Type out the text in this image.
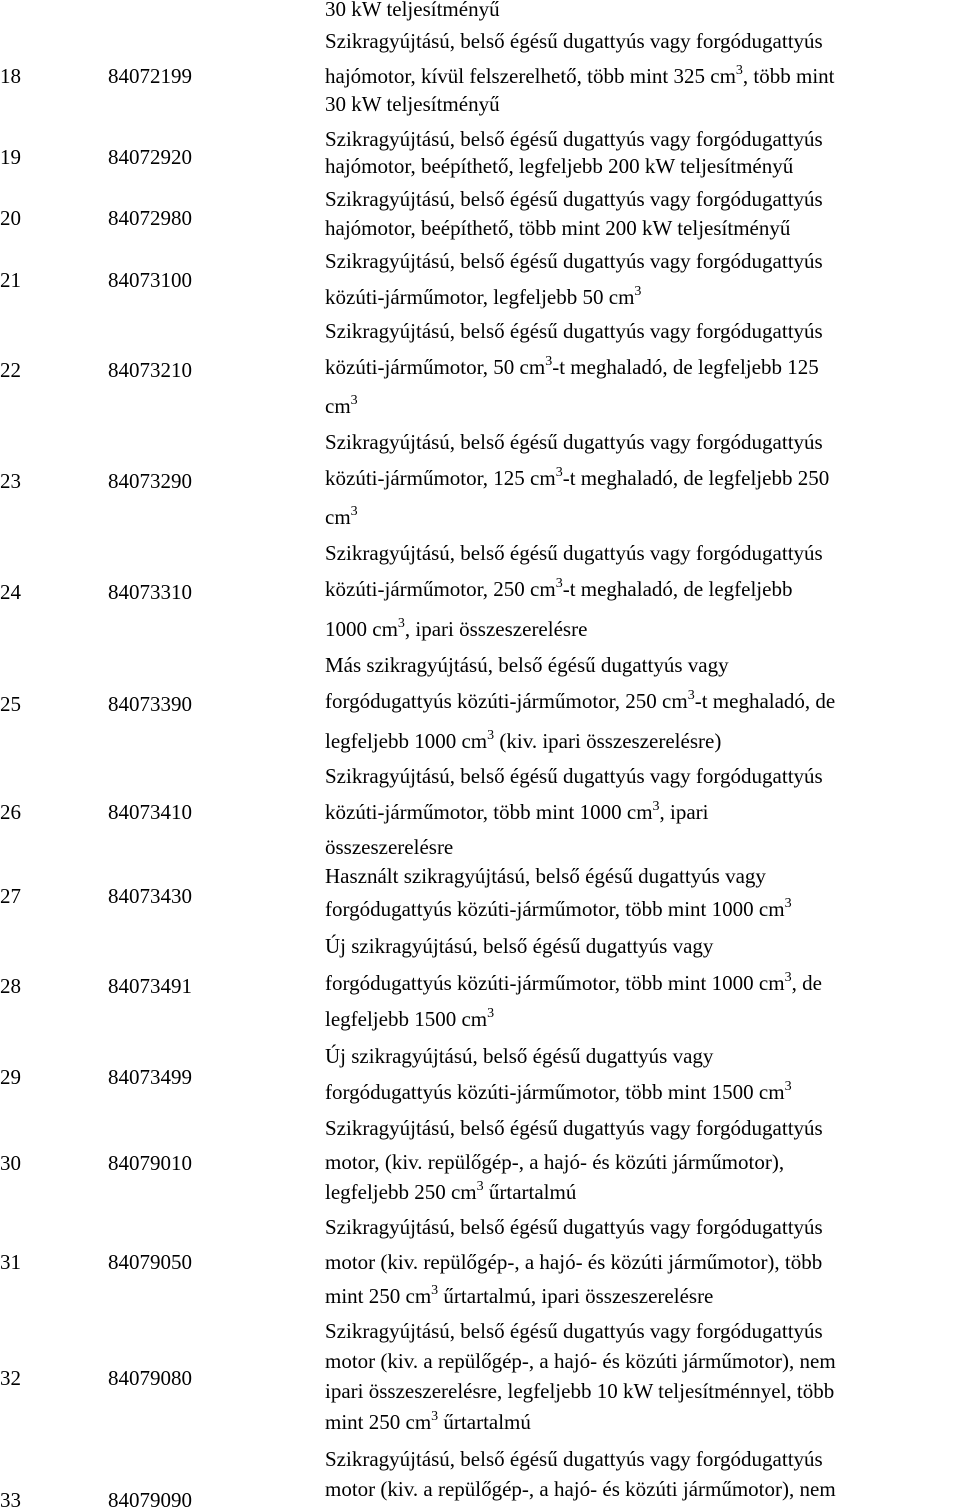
30 kW teljesítményű
18	84072199
Szikragyújtású, belső égésű dugattyús vagy forgódugattyús
hajómotor, kívül felszerelhető, több mint 325 $cm^3$, több mint
30 kW teljesítményű
19	84072920
Szikragyújtású, belső égésű dugattyús vagy forgódugattyús
hajómotor, beépíthető, legfeljebb 200 kW teljesítményű
20	84072980
Szikragyújtású, belső égésű dugattyús vagy forgódugattyús
hajómotor, beépíthető, több mint 200 kW teljesítményű
21	84073100
Szikragyújtású, belső égésű dugattyús vagy forgódugattyús
közúti-járműmotor, legfeljebb 50 $cm^3$
22	84073210
Szikragyújtású, belső égésű dugattyús vagy forgódugattyús
közúti-járműmotor, 50 $cm^3-t$ meghaladó, de legfeljebb 125
$cm^3$
23	84073290
Szikragyújtású, belső égésű dugattyús vagy forgódugattyús
közúti-járműmotor, 125 $cm^3-t$ meghaladó, de legfeljebb 250
$cm^3$
24	84073310
Szikragyújtású, belső égésű dugattyús vagy forgódugattyús
közúti-járműmotor, 250 $cm^3-t$ meghaladó, de legfeljebb
1000 $cm^3$, ipari összeszerelésre
25	84073390
Más szikragyújtású, belső égésű dugattyús vagy
forgódugattyús közúti-járműmotor, 250 $cm^3-t$ meghaladó, de
legfeljebb 1000 $cm^3$ (kiv. ipari összeszerelésre)
26	84073410
Szikragyújtású, belső égésű dugattyús vagy forgódugattyús
közúti-járműmotor, több mint 1000 $cm^3$, ipari
összeszerelésre
27	84073430
Használt szikragyújtású, belső égésű dugattyús vagy
forgódugattyús közúti-járműmotor, több mint 1000 $cm^3$
28	84073491
Új szikragyújtású, belső égésű dugattyús vagy
forgódugattyús közúti-járműmotor, több mint 1000 $cm^3$, de
legfeljebb 1500 $cm^3$
29	84073499
Új szikragyújtású, belső égésű dugattyús vagy
forgódugattyús közúti-járműmotor, több mint 1500 $cm^3$
30	84079010
Szikragyújtású, belső égésű dugattyús vagy forgódugattyús
motor, (kiv. repülőgép-, a hajó- és közúti járműmotor),
legfeljebb 250 $cm^3$ űrtartalmú
31	84079050
Szikragyújtású, belső égésű dugattyús vagy forgódugattyús
motor (kiv. repülőgép-, a hajó- és közúti járműmotor), több
mint 250 $cm^3$ űrtartalmú, ipari összeszerelésre
32	84079080
Szikragyújtású, belső égésű dugattyús vagy forgódugattyús
motor (kiv. a repülőgép-, a hajó- és közúti járműmotor), nem
ipari összeszerelésre, legfeljebb 10 kW teljesítménnyel, több
mint 250 $cm^3$ űrtartalmú
33	84079090
Szikragyújtású, belső égésű dugattyús vagy forgódugattyús
motor (kiv. a repülőgép-, a hajó- és közúti járműmotor), nem
